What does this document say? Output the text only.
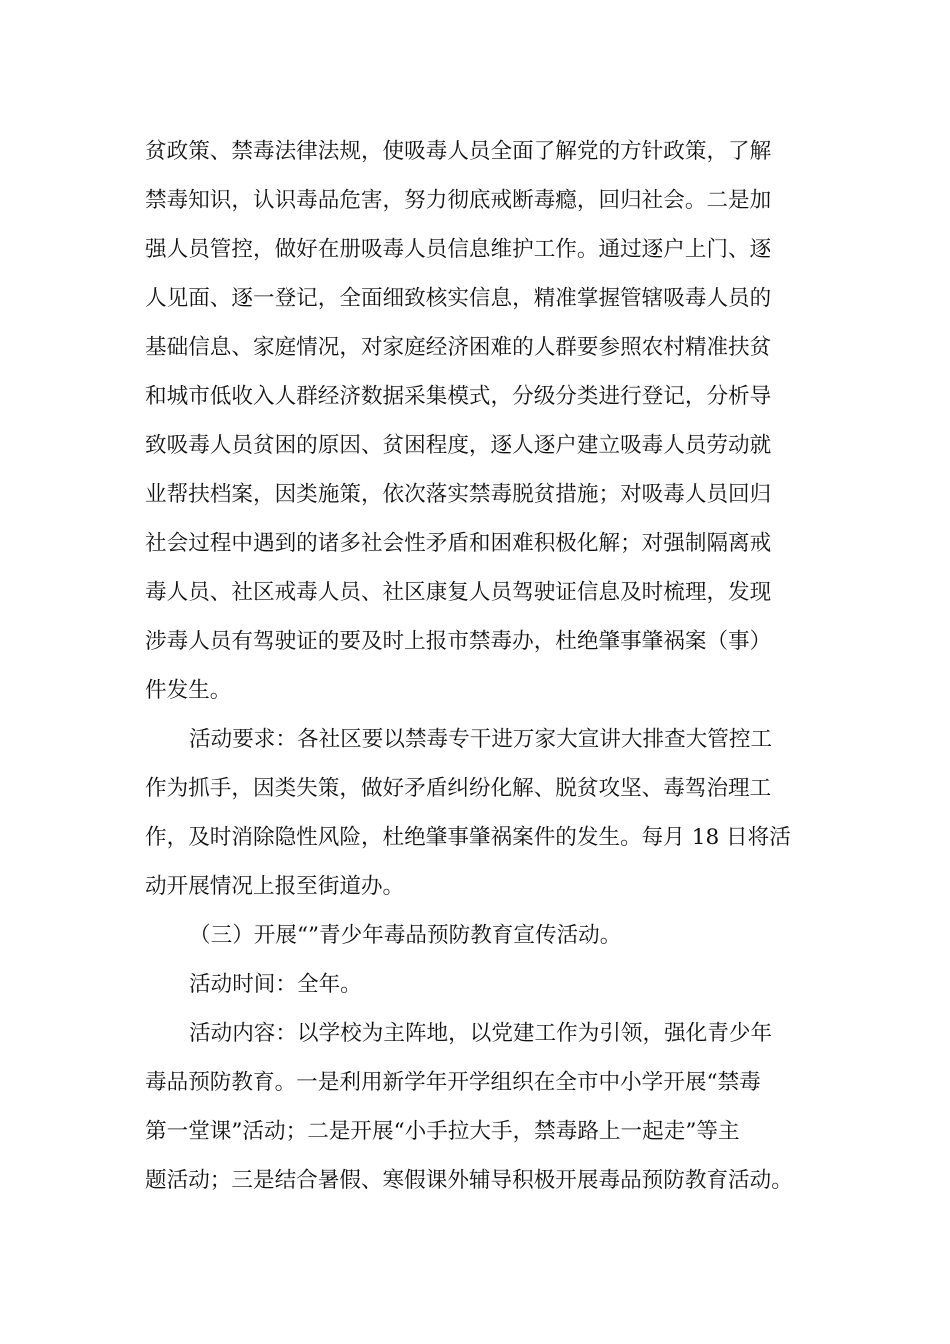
贫政策、禁毒法律法规，使吸毒人员全面了解党的方针政策，了解
禁毒知识，认识毒品危害，努力彻底戒断毒瘾，回归社会。二是加
强人员管控，做好在册吸毒人员信息维护工作。通过逐户上门、逐
人见面、逐一登记，全面细致核实信息，精准掌握管辖吸毒人员的
基础信息、家庭情况，对家庭经济困难的人群要参照农村精准扶贫
和城市低收入人群经济数据采集模式，分级分类进行登记，分析导
致吸毒人员贫困的原因、贫困程度，逐人逐户建立吸毒人员劳动就
业帮扶档案，因类施策，依次落实禁毒脱贫措施；对吸毒人员回归
社会过程中遇到的诸多社会性矛盾和困难积极化解；对强制隔离戒
毒人员、社区戒毒人员、社区康复人员驾驶证信息及时梳理，发现
涉毒人员有驾驶证的要及时上报市禁毒办，杜绝肇事肇祸案（事）
件发生。
活动要求：各社区要以禁毒专干进万家大宣讲大排查大管控工
作为抓手，因类失策，做好矛盾纠纷化解、脱贫攻坚、毒驾治理工
作，及时消除隐性风险，杜绝肇事肇祸案件的发生。每月 18 日将活
动开展情况上报至街道办。
（三）开展“”青少年毒品预防教育宣传活动。
活动时间：全年。
活动内容：以学校为主阵地，以党建工作为引领，强化青少年
毒品预防教育。一是利用新学年开学组织在全市中小学开展“禁毒
第一堂课”活动；二是开展“小手拉大手，禁毒路上一起走”等主
题活动；三是结合暑假、寒假课外辅导积极开展毒品预防教育活动。
